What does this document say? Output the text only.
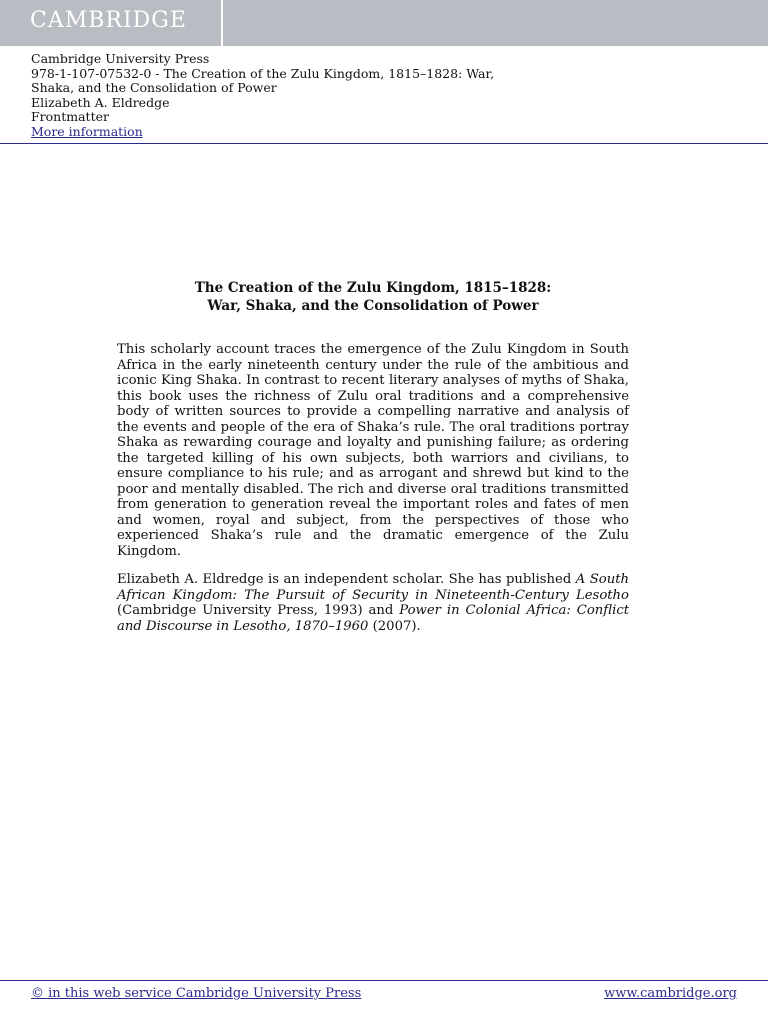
CAMBRIDGE
Cambridge University Press
978-1-107-07532-0 - The Creation of the Zulu Kingdom, 1815–1828: War,
Shaka, and the Consolidation of Power
Elizabeth A. Eldredge
Frontmatter
More information
The Creation of the Zulu Kingdom, 1815–1828:
War, Shaka, and the Consolidation of Power

This scholarly account traces the emergence of the Zulu Kingdom in South Africa in the early nineteenth century under the rule of the ambitious and iconic King Shaka. In contrast to recent literary analyses of myths of Shaka, this book uses the richness of Zulu oral traditions and a comprehensive body of written sources to provide a compelling narrative and analysis of the events and people of the era of Shaka’s rule. The oral traditions portray Shaka as rewarding courage and loyalty and punishing failure; as ordering the targeted killing of his own subjects, both warriors and civilians, to ensure compliance to his rule; and as arrogant and shrewd but kind to the poor and mentally disabled. The rich and diverse oral traditions transmitted from generation to generation reveal the important roles and fates of men and women, royal and subject, from the perspectives of those who experienced Shaka’s rule and the dramatic emergence of the Zulu Kingdom.

Elizabeth A. Eldredge is an independent scholar. She has published A South African Kingdom: The Pursuit of Security in Nineteenth-Century Lesotho (Cambridge University Press, 1993) and Power in Colonial Africa: Conflict and Discourse in Lesotho, 1870–1960 (2007).

© in this web service Cambridge University Press	www.cambridge.org
